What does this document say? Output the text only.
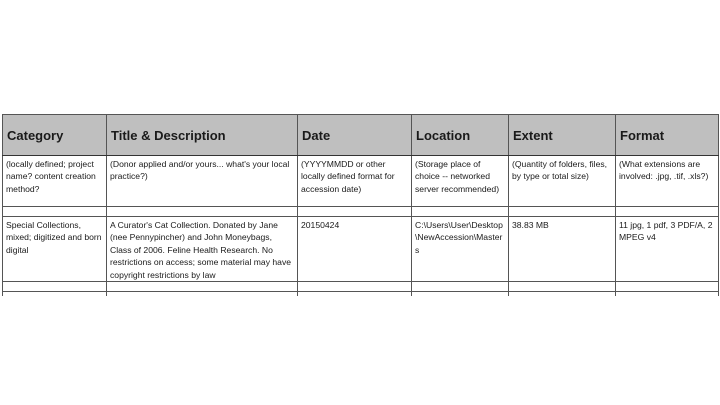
Category	Title & Description	Date	Location	Extent	Format
(locally defined; project name? content creation method?	(Donor applied and/or yours... what's your local practice?)	(YYYYMMDD or other locally defined format for accession date)	(Storage place of choice -- networked server recommended)	(Quantity of folders, files, by type or total size)	(What extensions are involved: .jpg, .tif, .xls?)

Special Collections, mixed; digitized and born digital	A Curator's Cat Collection. Donated by Jane (nee Pennypincher) and John Moneybags, Class of 2006. Feline Health Research. No restrictions on access; some material may have copyright restrictions by law	20150424	C:\Users\User\Desktop\NewAccession\Masters	38.83 MB	11 jpg, 1 pdf, 3 PDF/A, 2 MPEG v4
